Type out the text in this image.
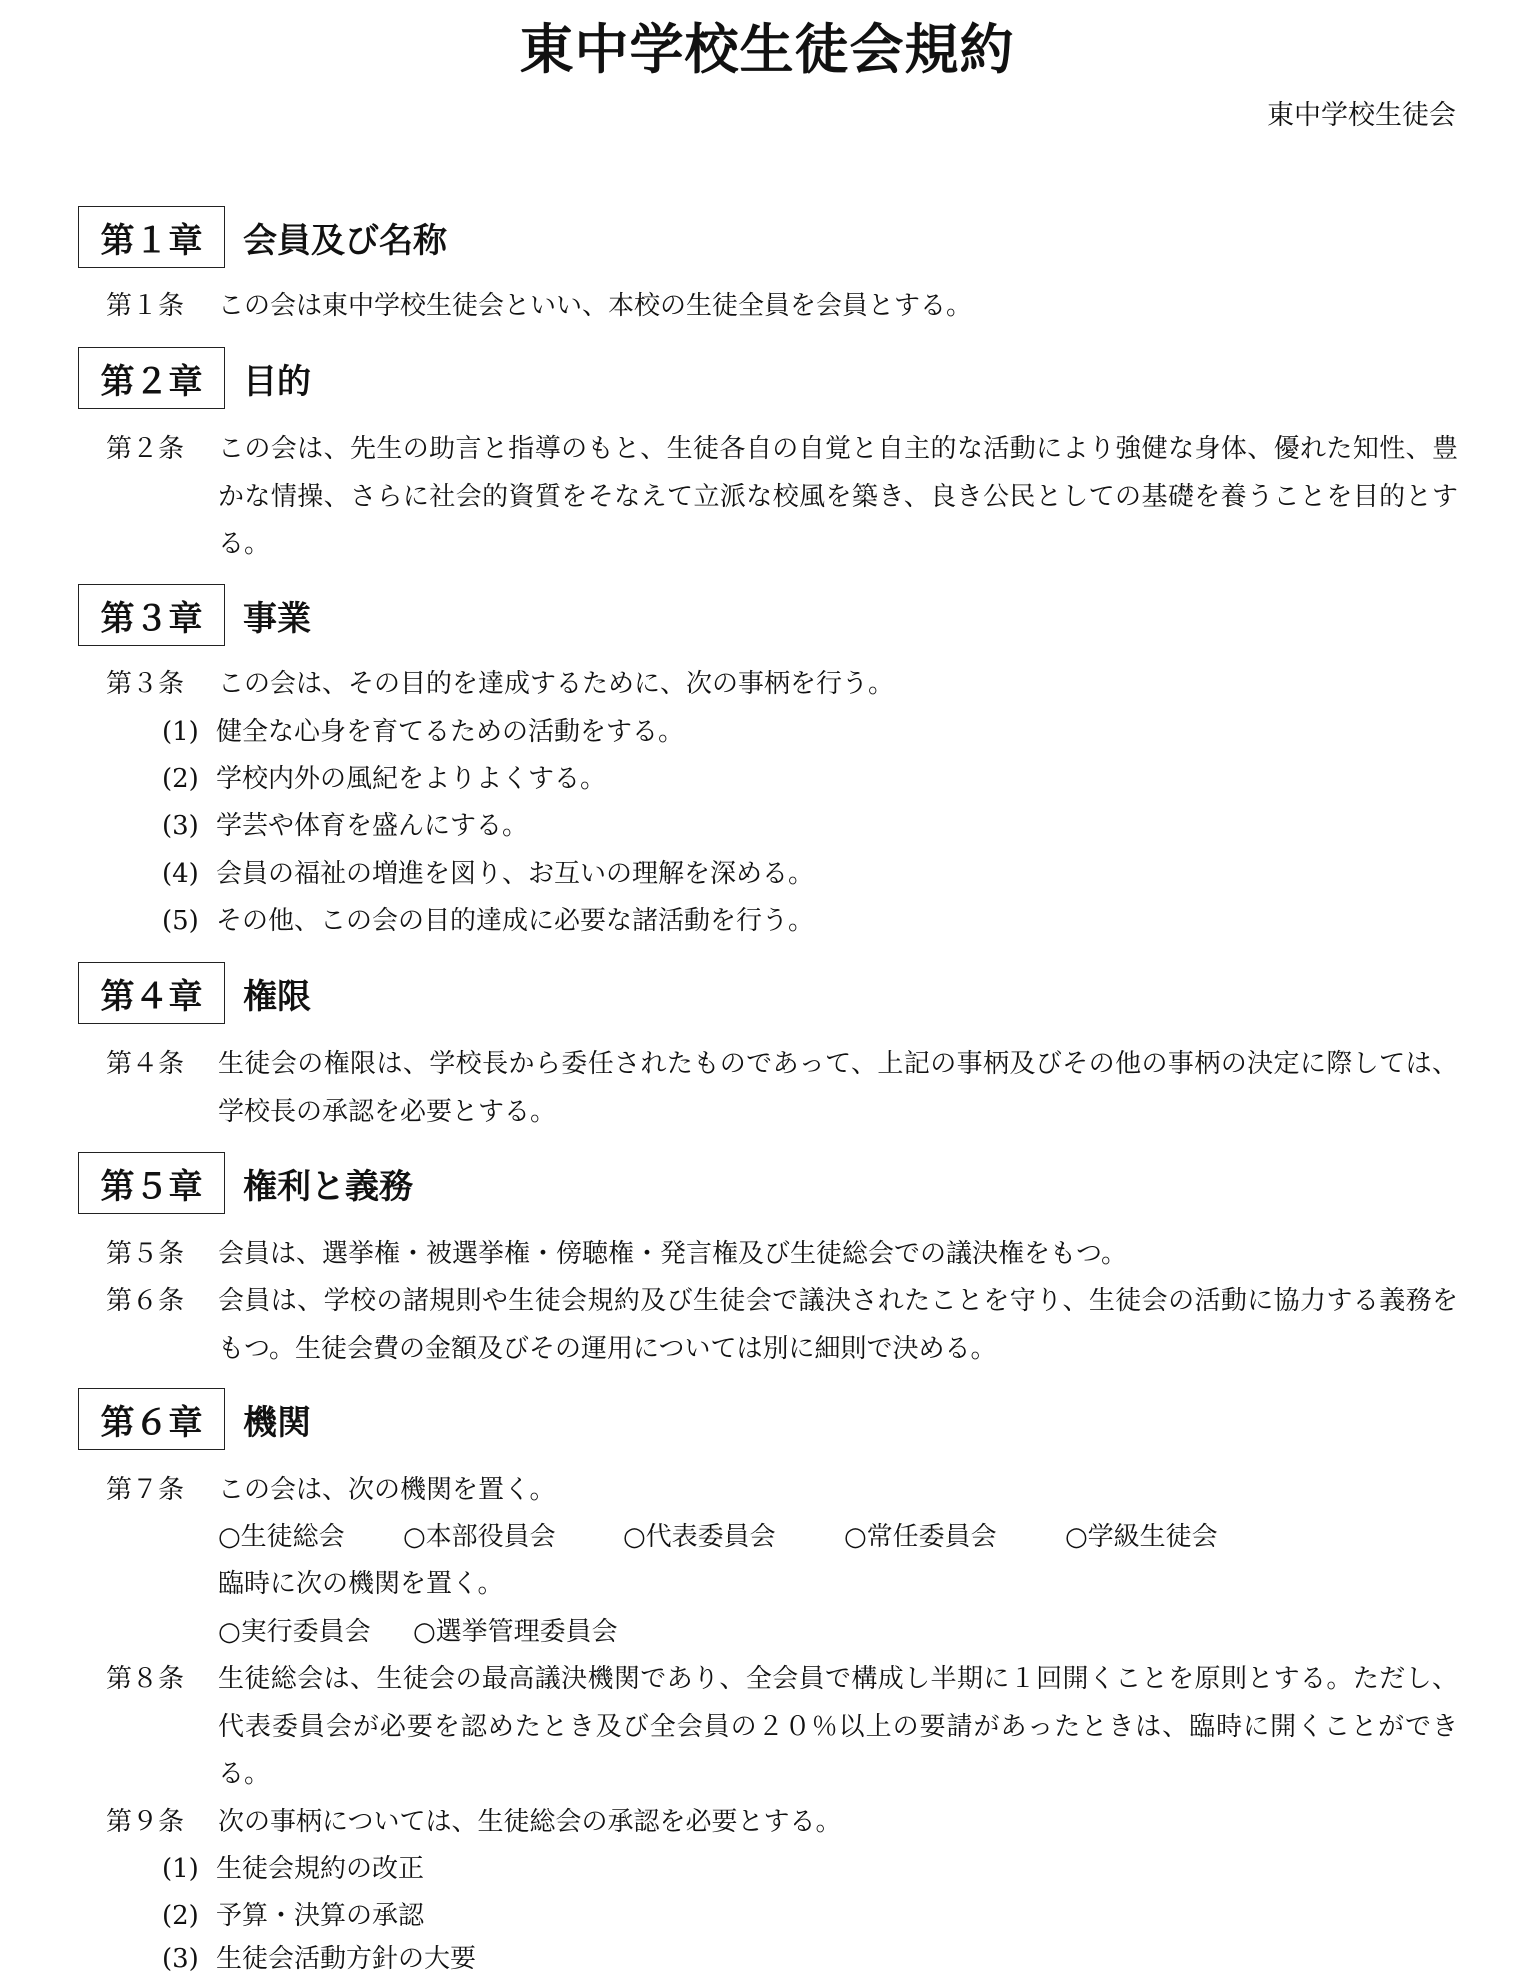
東中学校生徒会規約
東中学校生徒会
第１章	会員及び名称
第１条	この会は東中学校生徒会といい、本校の生徒全員を会員とする。
第２章	目的
第２条	この会は、先生の助言と指導のもと、生徒各自の自覚と自主的な活動により強健な身体、優れた知性、豊かな情操、さらに社会的資質をそなえて立派な校風を築き、良き公民としての基礎を養うことを目的とする。
第３章	事業
第３条	この会は、その目的を達成するために、次の事柄を行う。
(1) 健全な心身を育てるための活動をする。
(2) 学校内外の風紀をよりよくする。
(3) 学芸や体育を盛んにする。
(4) 会員の福祉の増進を図り、お互いの理解を深める。
(5) その他、この会の目的達成に必要な諸活動を行う。
第４章	権限
第４条	生徒会の権限は、学校長から委任されたものであって、上記の事柄及びその他の事柄の決定に際しては、学校長の承認を必要とする。
第５章	権利と義務
第５条	会員は、選挙権・被選挙権・傍聴権・発言権及び生徒総会での議決権をもつ。
第６条	会員は、学校の諸規則や生徒会規約及び生徒会で議決されたことを守り、生徒会の活動に協力する義務をもつ。生徒会費の金額及びその運用については別に細則で決める。
第６章	機関
第７条	この会は、次の機関を置く。
○生徒総会	○本部役員会	○代表委員会	○常任委員会	○学級生徒会
臨時に次の機関を置く。
○実行委員会	○選挙管理委員会
第８条	生徒総会は、生徒会の最高議決機関であり、全会員で構成し半期に１回開くことを原則とする。ただし、代表委員会が必要を認めたとき及び全会員の２０％以上の要請があったときは、臨時に開くことができる。
第９条	次の事柄については、生徒総会の承認を必要とする。
(1) 生徒会規約の改正
(2) 予算・決算の承認
(3) 生徒会活動方針の大要
